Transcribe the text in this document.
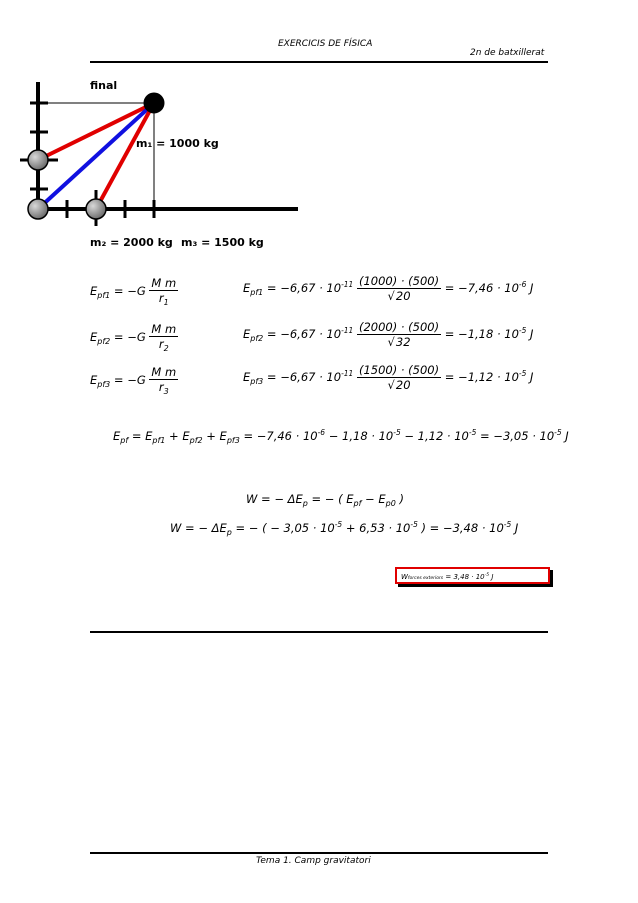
EXERCICIS DE FÍSICA
2n de batxillerat
final
m₁ = 1000 kg
m₂ = 2000 kg m₃ = 1500 kg
$E_{pf1} = -G \frac{\text{M m}}{r_1}$
$E_{pf2} = -G \frac{\text{M m}}{r_2}$
$E_{pf3} = -G \frac{\text{M m}}{r_3}$
$E_{pf1} = -6,67 \cdot 10^{-11} \frac{(1000) \cdot (500)}{√20} = -7,46 \cdot 10^{-6}$ J
$E_{pf2} = -6,67 \cdot 10^{-11} \frac{(2000) \cdot (500)}{√32} = -1,18 \cdot 10^{-5}$ J
$E_{pf3} = -6,67 \cdot 10^{-11} \frac{(1500) \cdot (500)}{√20} = -1,12 \cdot 10^{-5}$ J
$E_{pf} = E_{pf1} + E_{pf2} + E_{pf3} = -7,46 \cdot 10^{-6} - 1,18 \cdot 10^{-5} - 1,12 \cdot 10^{-5} = -3,05 \cdot 10^{-5}$ J
W = − $\Delta E_p$ = − ( $E_{pf} - E_{p0}$ )
W = − $\Delta E_p$ = − ( − $3,05 \cdot 10^{-5} + 6,53 \cdot 10^{-5}$ ) = $-3,48 \cdot 10^{-5}$ J
Wforces exteriors = $3,48 \cdot 10^{-5}$ J
Tema 1. Camp gravitatori
